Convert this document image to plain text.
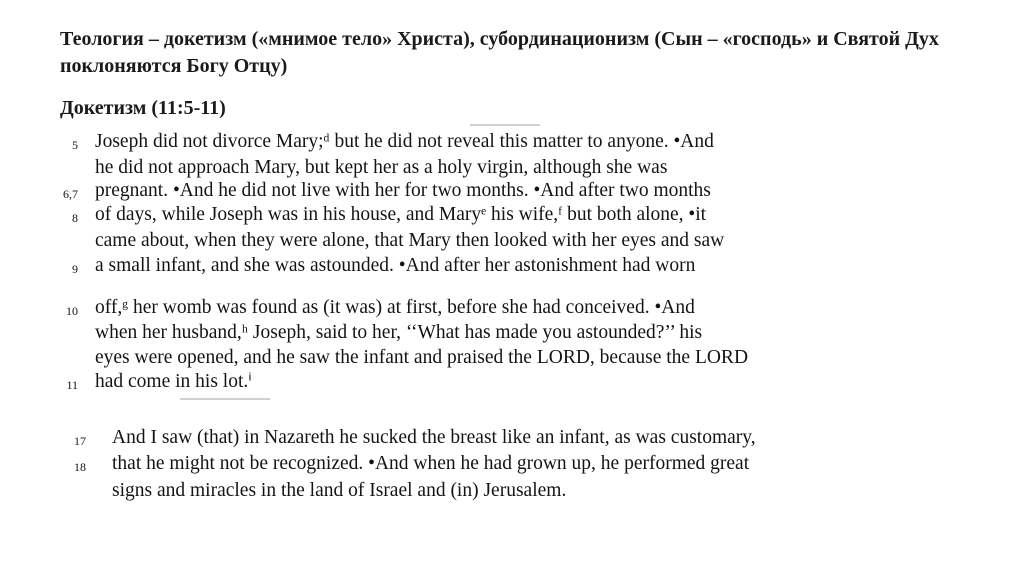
Теология – докетизм («мнимое тело» Христа), субординационизм (Сын – «господь» и Святой Дух поклоняются Богу Отцу)
Докетизм (11:5-11)
5 Joseph did not divorce Mary;ᵈ but he did not reveal this matter to anyone. •And
he did not approach Mary, but kept her as a holy virgin, although she was
6,7 pregnant. •And he did not live with her for two months. •And after two months
8 of days, while Joseph was in his house, and Maryᵉ his wife,ᶠ but both alone, •it
came about, when they were alone, that Mary then looked with her eyes and saw
9 a small infant, and she was astounded. •And after her astonishment had worn
10 off,ᵍ her womb was found as (it was) at first, before she had conceived. •And
when her husband,ʰ Joseph, said to her, ‘‘What has made you astounded?’’ his
eyes were opened, and he saw the infant and praised the LORD, because the LORD
11 had come in his lot.ⁱ
17 And I saw (that) in Nazareth he sucked the breast like an infant, as was customary,
18 that he might not be recognized. •And when he had grown up, he performed great
signs and miracles in the land of Israel and (in) Jerusalem.
